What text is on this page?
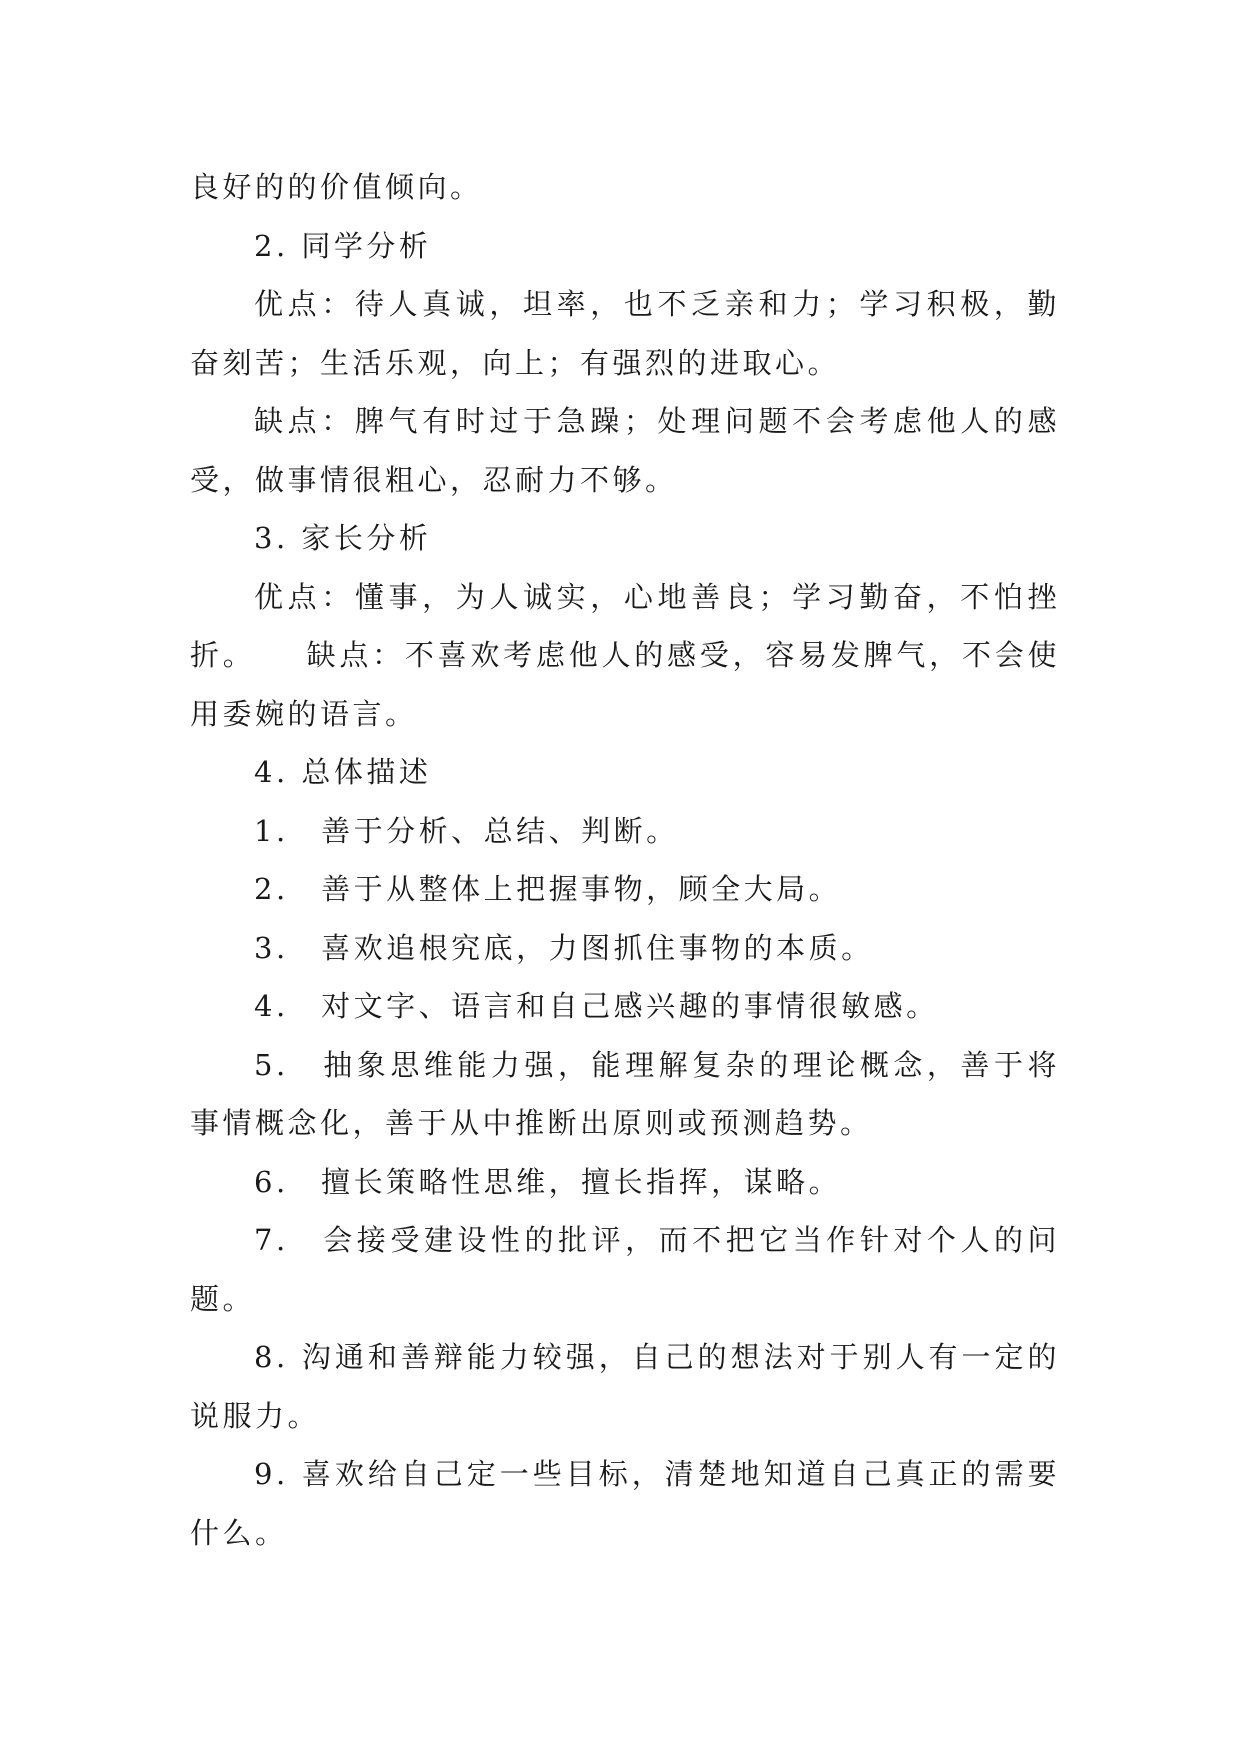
良好的的价值倾向。

2. 同学分析

优点：待人真诚，坦率，也不乏亲和力；学习积极，勤奋刻苦；生活乐观，向上；有强烈的进取心。

缺点：脾气有时过于急躁；处理问题不会考虑他人的感受，做事情很粗心，忍耐力不够。

3. 家长分析

优点：懂事，为人诚实，心地善良；学习勤奋，不怕挫折。　　缺点：不喜欢考虑他人的感受，容易发脾气，不会使用委婉的语言。

4. 总体描述

1.　善于分析、总结、判断。

2.　善于从整体上把握事物，顾全大局。

3.　喜欢追根究底，力图抓住事物的本质。

4.　对文字、语言和自己感兴趣的事情很敏感。

5.　抽象思维能力强，能理解复杂的理论概念，善于将事情概念化，善于从中推断出原则或预测趋势。

6.　擅长策略性思维，擅长指挥，谋略。

7.　会接受建设性的批评，而不把它当作针对个人的问题。

8. 沟通和善辩能力较强，自己的想法对于别人有一定的说服力。

9. 喜欢给自己定一些目标，清楚地知道自己真正的需要什么。
